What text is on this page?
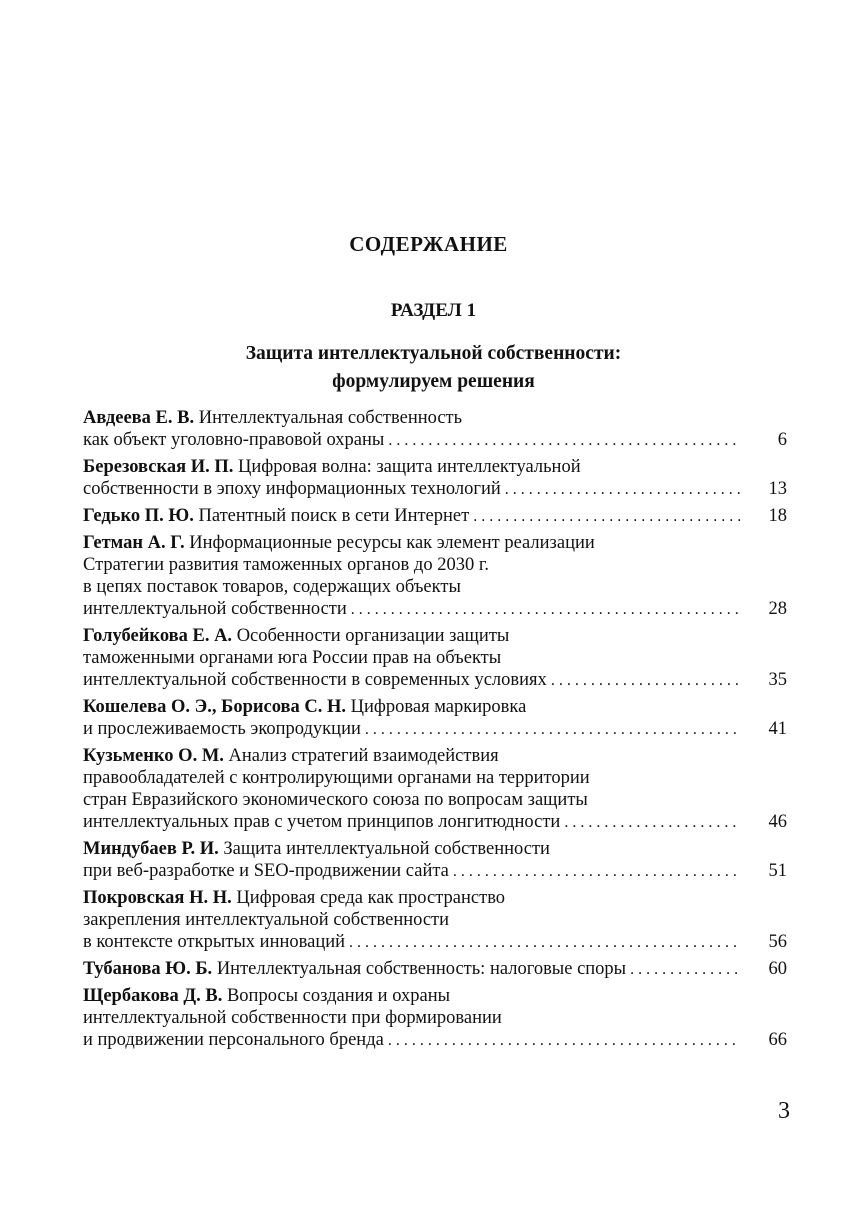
СОДЕРЖАНИЕ
РАЗДЕЛ 1
Защита интеллектуальной собственности:
формулируем решения
Авдеева Е. В. Интеллектуальная собственность
как объект уголовно-правовой охраны . . .	6
Березовская И. П. Цифровая волна: защита интеллектуальной
собственности в эпоху информационных технологий . . .	13
Гедько П. Ю. Патентный поиск в сети Интернет . . .	18
Гетман А. Г. Информационные ресурсы как элемент реализации
Стратегии развития таможенных органов до 2030 г.
в цепях поставок товаров, содержащих объекты
интеллектуальной собственности . . .	28
Голубейкова Е. А. Особенности организации защиты
таможенными органами юга России прав на объекты
интеллектуальной собственности в современных условиях . . .	35
Кошелева О. Э., Борисова С. Н. Цифровая маркировка
и прослеживаемость экопродукции . . .	41
Кузьменко О. М. Анализ стратегий взаимодействия
правообладателей с контролирующими органами на территории
стран Евразийского экономического союза по вопросам защиты
интеллектуальных прав с учетом принципов лонгитюдности . . .	46
Миндубаев Р. И. Защита интеллектуальной собственности
при веб-разработке и SEO-продвижении сайта . . .	51
Покровская Н. Н. Цифровая среда как пространство
закрепления интеллектуальной собственности
в контексте открытых инноваций . . .	56
Тубанова Ю. Б. Интеллектуальная собственность: налоговые споры . . .	60
Щербакова Д. В. Вопросы создания и охраны
интеллектуальной собственности при формировании
и продвижении персонального бренда . . .	66
3
